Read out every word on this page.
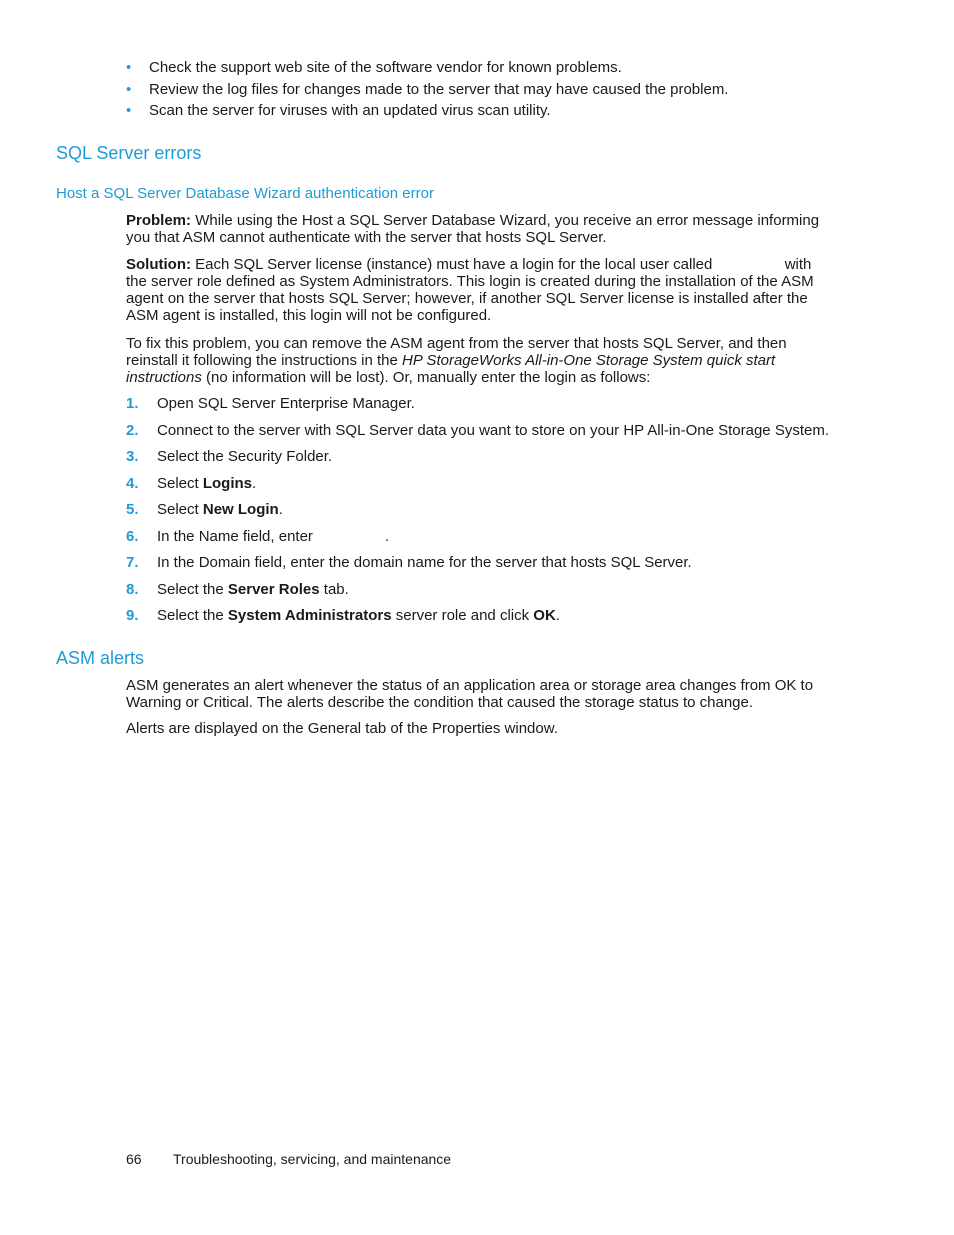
• Check the support web site of the software vendor for known problems.
• Review the log files for changes made to the server that may have caused the problem.
• Scan the server for viruses with an updated virus scan utility.
SQL Server errors
Host a SQL Server Database Wizard authentication error
Problem: While using the Host a SQL Server Database Wizard, you receive an error message informing you that ASM cannot authenticate with the server that hosts SQL Server.
Solution: Each SQL Server license (instance) must have a login for the local user called	with the server role defined as System Administrators. This login is created during the installation of the ASM agent on the server that hosts SQL Server; however, if another SQL Server license is installed after the ASM agent is installed, this login will not be configured.
To fix this problem, you can remove the ASM agent from the server that hosts SQL Server, and then reinstall it following the instructions in the HP StorageWorks All-in-One Storage System quick start instructions (no information will be lost). Or, manually enter the login as follows:
1. Open SQL Server Enterprise Manager.
2. Connect to the server with SQL Server data you want to store on your HP All-in-One Storage System.
3. Select the Security Folder.
4. Select Logins.
5. Select New Login.
6. In the Name field, enter	.
7. In the Domain field, enter the domain name for the server that hosts SQL Server.
8. Select the Server Roles tab.
9. Select the System Administrators server role and click OK.
ASM alerts
ASM generates an alert whenever the status of an application area or storage area changes from OK to Warning or Critical. The alerts describe the condition that caused the storage status to change.
Alerts are displayed on the General tab of the Properties window.
66 Troubleshooting, servicing, and maintenance
